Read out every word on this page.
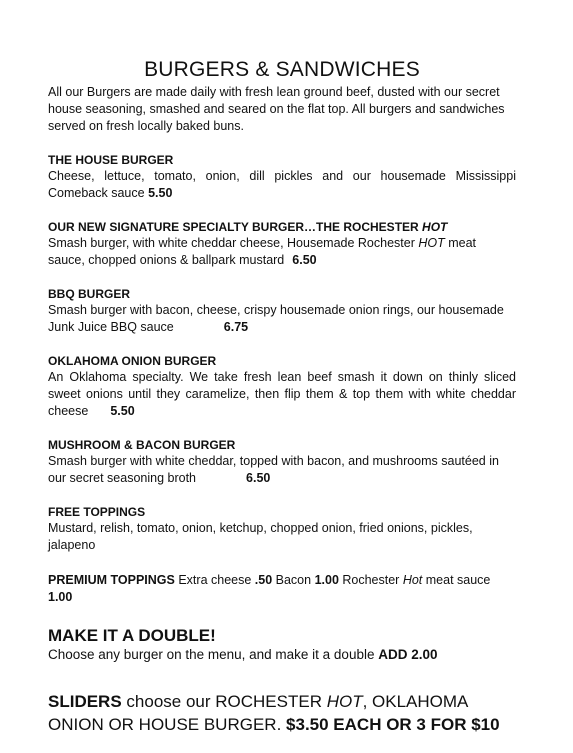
BURGERS & SANDWICHES

All our Burgers are made daily with fresh lean ground beef, dusted with our secret house seasoning, smashed and seared on the flat top. All burgers and sandwiches served on fresh locally baked buns.

THE HOUSE BURGER

Cheese, lettuce, tomato, onion, dill pickles and our housemade Mississippi Comeback sauce 5.50

OUR NEW SIGNATURE SPECIALTY BURGER…THE ROCHESTER HOT

Smash burger, with white cheddar cheese, Housemade Rochester HOT meat sauce, chopped onions & ballpark mustard 6.50

BBQ BURGER

Smash burger with bacon, cheese, crispy housemade onion rings, our housemade Junk Juice BBQ sauce	6.75

OKLAHOMA ONION BURGER

An Oklahoma specialty. We take fresh lean beef smash it down on thinly sliced sweet onions until they caramelize, then flip them & top them with white cheddar cheese 5.50

MUSHROOM & BACON BURGER

Smash burger with white cheddar, topped with bacon, and mushrooms sautéed in our secret seasoning broth	6.50

FREE TOPPINGS

Mustard, relish, tomato, onion, ketchup, chopped onion, fried onions, pickles, jalapeno

PREMIUM TOPPINGS Extra cheese .50 Bacon 1.00 Rochester Hot meat sauce 1.00

MAKE IT A DOUBLE!

Choose any burger on the menu, and make it a double ADD 2.00

SLIDERS choose our ROCHESTER HOT, OKLAHOMA ONION OR HOUSE BURGER. $3.50 EACH OR 3 FOR $10
